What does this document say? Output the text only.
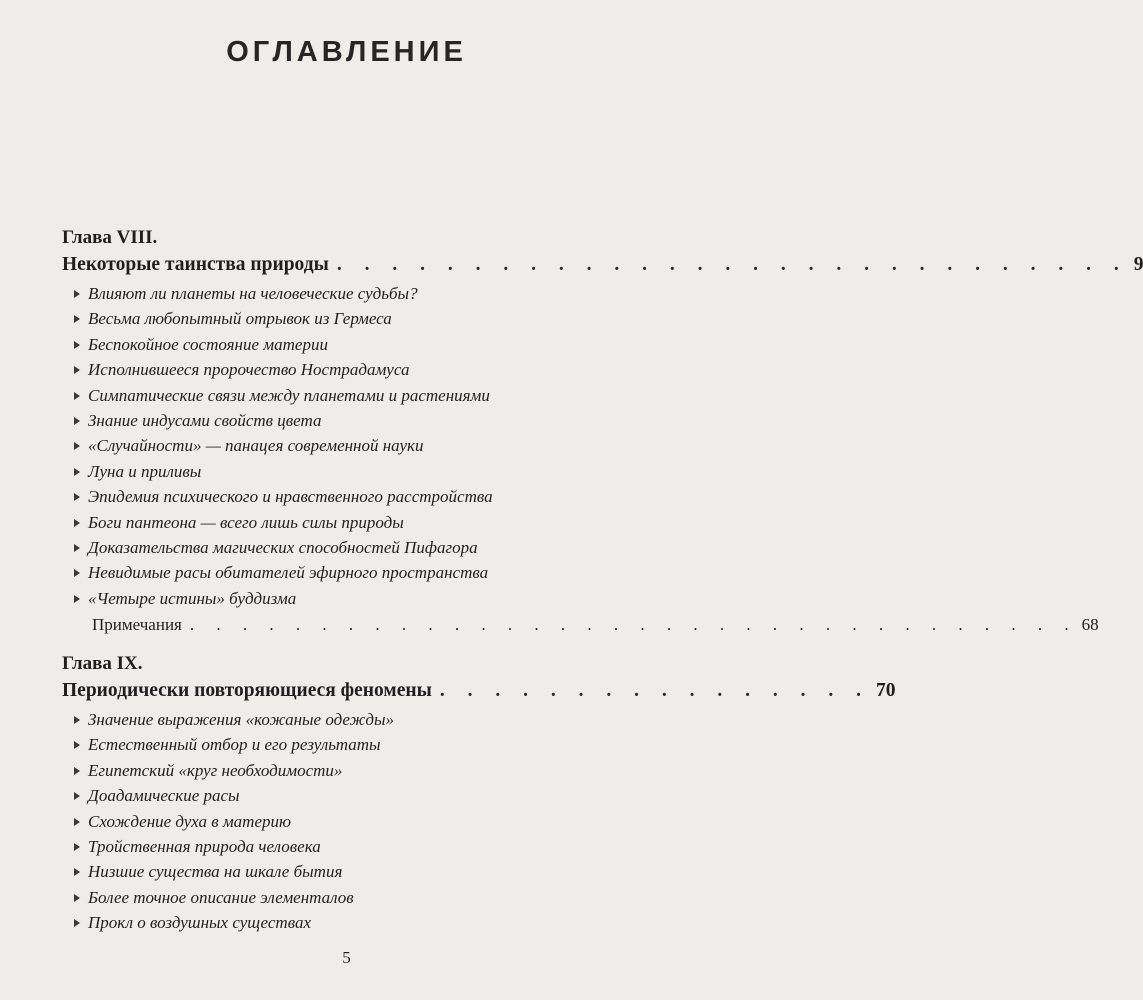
ОГЛАВЛЕНИЕ
Глава VIII.
Некоторые таинства природы . . . . . . . . . . . . . . . . . . . . . . . . . . . . . 9
Влияют ли планеты на человеческие судьбы?
Весьма любопытный отрывок из Гермеса
Беспокойное состояние материи
Исполнившееся пророчество Нострадамуса
Симпатические связи между планетами и растениями
Знание индусами свойств цвета
«Случайности» — панацея современной науки
Луна и приливы
Эпидемия психического и нравственного расстройства
Боги пантеона — всего лишь силы природы
Доказательства магических способностей Пифагора
Невидимые расы обитателей эфирного пространства
«Четыре истины» буддизма
Примечания . . . . . . . . . . . . . . . . . . . . . . . . . . . . . . . . . . 68
Глава IX.
Периодически повторяющиеся феномены . . . . . . . . . . . . . . . . 70
Значение выражения «кожаные одежды»
Естественный отбор и его результаты
Египетский «круг необходимости»
Доадамические расы
Схождение духа в материю
Тройственная природа человека
Низшие существа на шкале бытия
Более точное описание элементалов
Прокл о воздушных существах
5
